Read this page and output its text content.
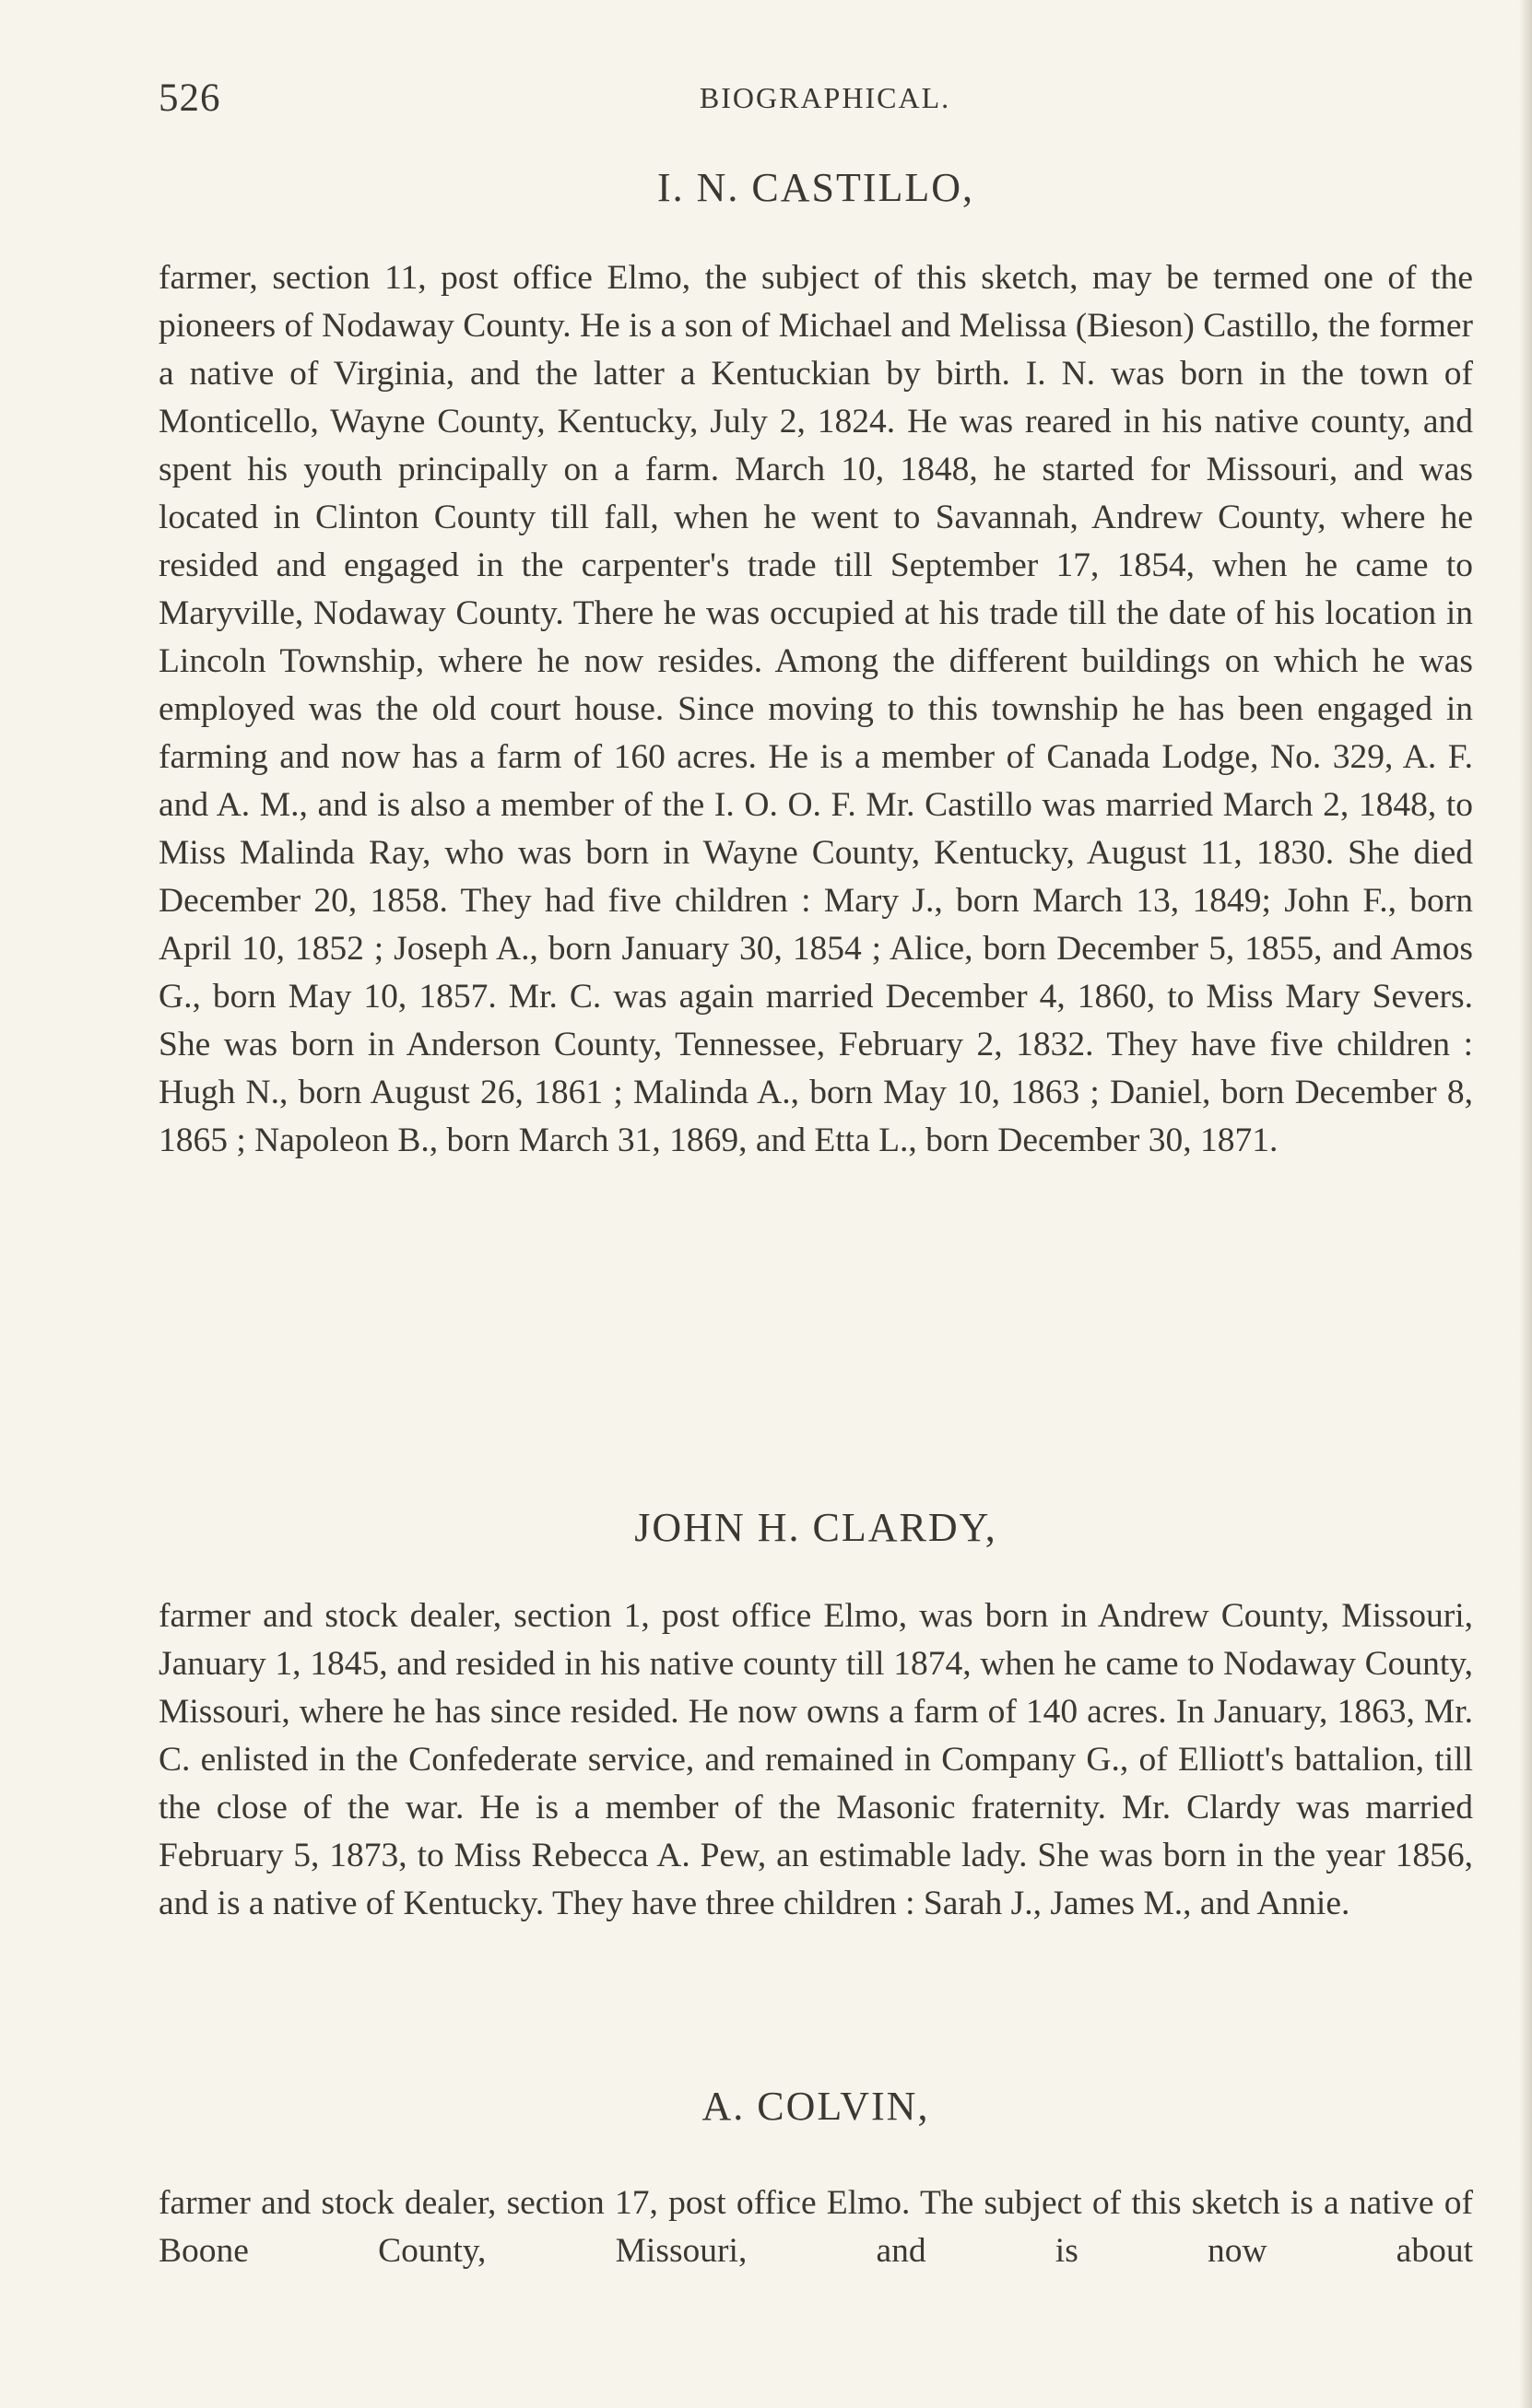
526	BIOGRAPHICAL.
I. N. CASTILLO,

farmer, section 11, post office Elmo, the subject of this sketch, may be termed one of the pioneers of Nodaway County. He is a son of Michael and Melissa (Bieson) Castillo, the former a native of Virginia, and the latter a Kentuckian by birth. I. N. was born in the town of Monticello, Wayne County, Kentucky, July 2, 1824. He was reared in his native county, and spent his youth principally on a farm. March 10, 1848, he started for Missouri, and was located in Clinton County till fall, when he went to Savannah, Andrew County, where he resided and engaged in the carpenter's trade till September 17, 1854, when he came to Maryville, Nodaway County. There he was occupied at his trade till the date of his location in Lincoln Township, where he now resides. Among the different buildings on which he was employed was the old court house. Since moving to this township he has been engaged in farming and now has a farm of 160 acres. He is a member of Canada Lodge, No. 329, A. F. and A. M., and is also a member of the I. O. O. F. Mr. Castillo was married March 2, 1848, to Miss Malinda Ray, who was born in Wayne County, Kentucky, August 11, 1830. She died December 20, 1858. They had five children : Mary J., born March 13, 1849; John F., born April 10, 1852 ; Joseph A., born January 30, 1854 ; Alice, born December 5, 1855, and Amos G., born May 10, 1857. Mr. C. was again married December 4, 1860, to Miss Mary Severs. She was born in Anderson County, Tennessee, February 2, 1832. They have five children : Hugh N., born August 26, 1861 ; Malinda A., born May 10, 1863 ; Daniel, born December 8, 1865 ; Napoleon B., born March 31, 1869, and Etta L., born December 30, 1871.

JOHN H. CLARDY,

farmer and stock dealer, section 1, post office Elmo, was born in Andrew County, Missouri, January 1, 1845, and resided in his native county till 1874, when he came to Nodaway County, Missouri, where he has since resided. He now owns a farm of 140 acres. In January, 1863, Mr. C. enlisted in the Confederate service, and remained in Company G., of Elliott's battalion, till the close of the war. He is a member of the Masonic fraternity. Mr. Clardy was married February 5, 1873, to Miss Rebecca A. Pew, an estimable lady. She was born in the year 1856, and is a native of Kentucky. They have three children : Sarah J., James M., and Annie.

A. COLVIN,

farmer and stock dealer, section 17, post office Elmo. The subject of this sketch is a native of Boone County, Missouri, and is now about
